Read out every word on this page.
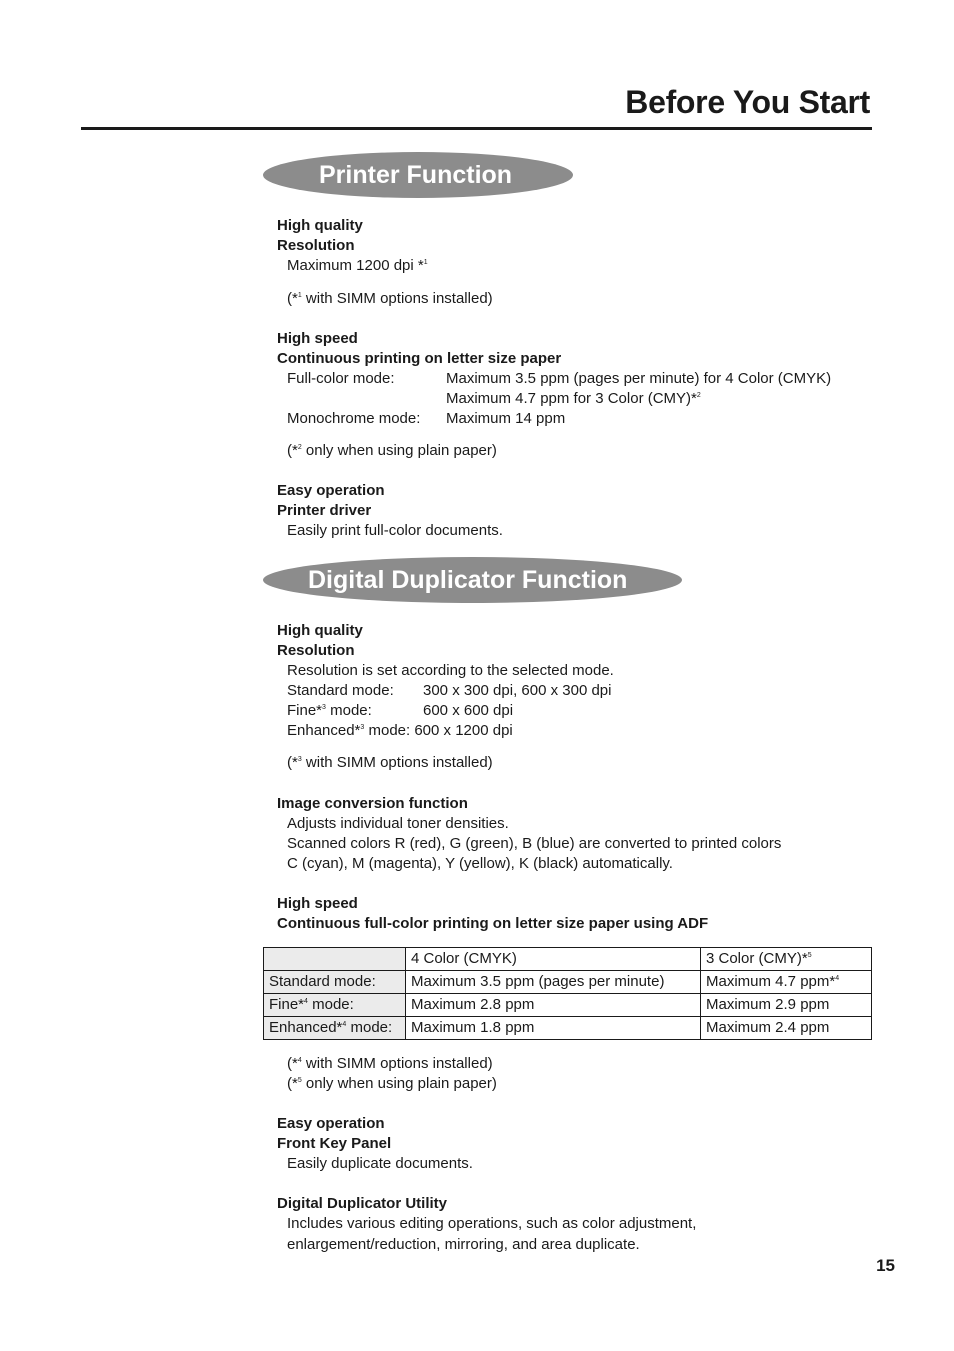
Before You Start
Printer Function
High quality
Resolution
Maximum 1200 dpi *$^1$
(*$^1$ with SIMM options installed)
High speed
Continuous printing on letter size paper
Full-color mode:	Maximum 3.5 ppm (pages per minute) for 4 Color (CMYK)
Maximum 4.7 ppm for 3 Color (CMY)*$^2$
Monochrome mode: Maximum 14 ppm
(*$^2$ only when using plain paper)
Easy operation
Printer driver
Easily print full-color documents.
Digital Duplicator Function
High quality
Resolution
Resolution is set according to the selected mode.
Standard mode: 300 x 300 dpi, 600 x 300 dpi
Fine*$^3$ mode:	600 x 600 dpi
Enhanced*$^3$ mode: 600 x 1200 dpi
(*$^3$ with SIMM options installed)
Image conversion function
Adjusts individual toner densities.
Scanned colors R (red), G (green), B (blue) are converted to printed colors
C (cyan), M (magenta), Y (yellow), K (black) automatically.
High speed
Continuous full-color printing on letter size paper using ADF
	4 Color (CMYK)	3 Color (CMY)*$^5$
Standard mode:	Maximum 3.5 ppm (pages per minute)	Maximum 4.7 ppm*$^4$
Fine*$^4$ mode:	Maximum 2.8 ppm	Maximum 2.9 ppm
Enhanced*$^4$ mode:	Maximum 1.8 ppm	Maximum 2.4 ppm
(*$^4$ with SIMM options installed)
(*$^5$ only when using plain paper)
Easy operation
Front Key Panel
Easily duplicate documents.
Digital Duplicator Utility
Includes various editing operations, such as color adjustment,
enlargement/reduction, mirroring, and area duplicate.
15
